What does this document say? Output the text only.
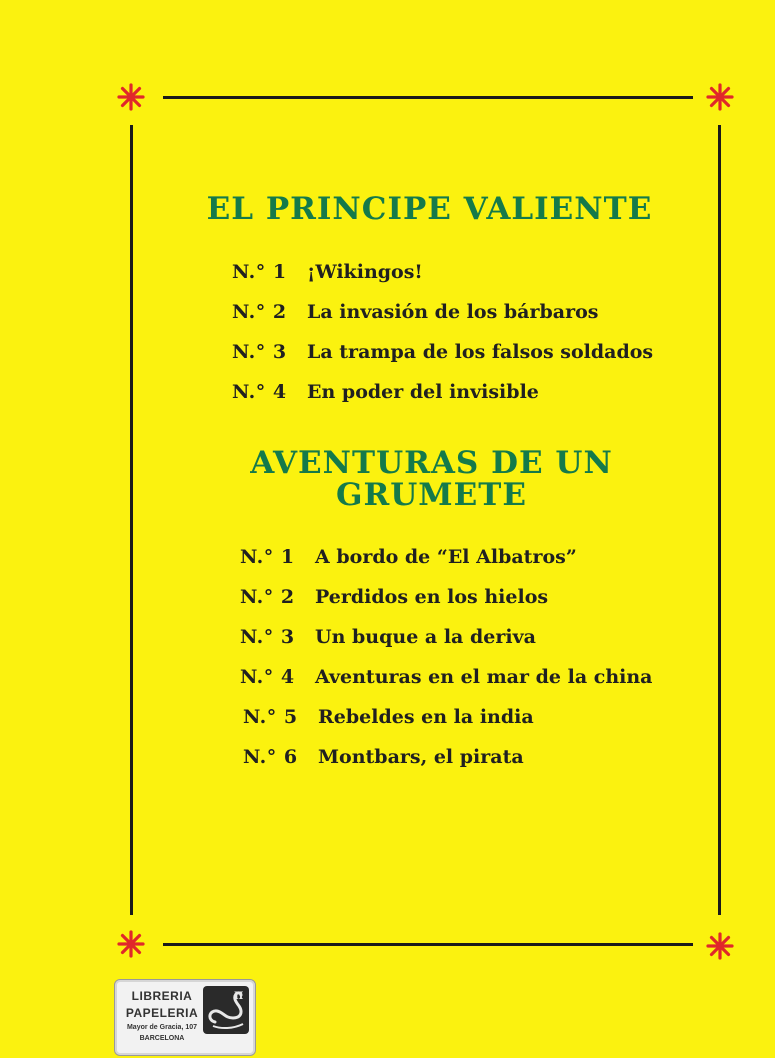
EL PRINCIPE VALIENTE
N.° 1 ¡Wikingos!
N.° 2 La invasión de los bárbaros
N.° 3 La trampa de los falsos soldados
N.° 4 En poder del invisible
AVENTURAS DE UN
GRUMETE
N.° 1 A bordo de “El Albatros”
N.° 2 Perdidos en los hielos
N.° 3 Un buque a la deriva
N.° 4 Aventuras en el mar de la china
N.° 5 Rebeldes en la india
N.° 6 Montbars, el pirata
LIBRERIA
PAPELERIA
Mayor de Gracia, 107
BARCELONA
II
